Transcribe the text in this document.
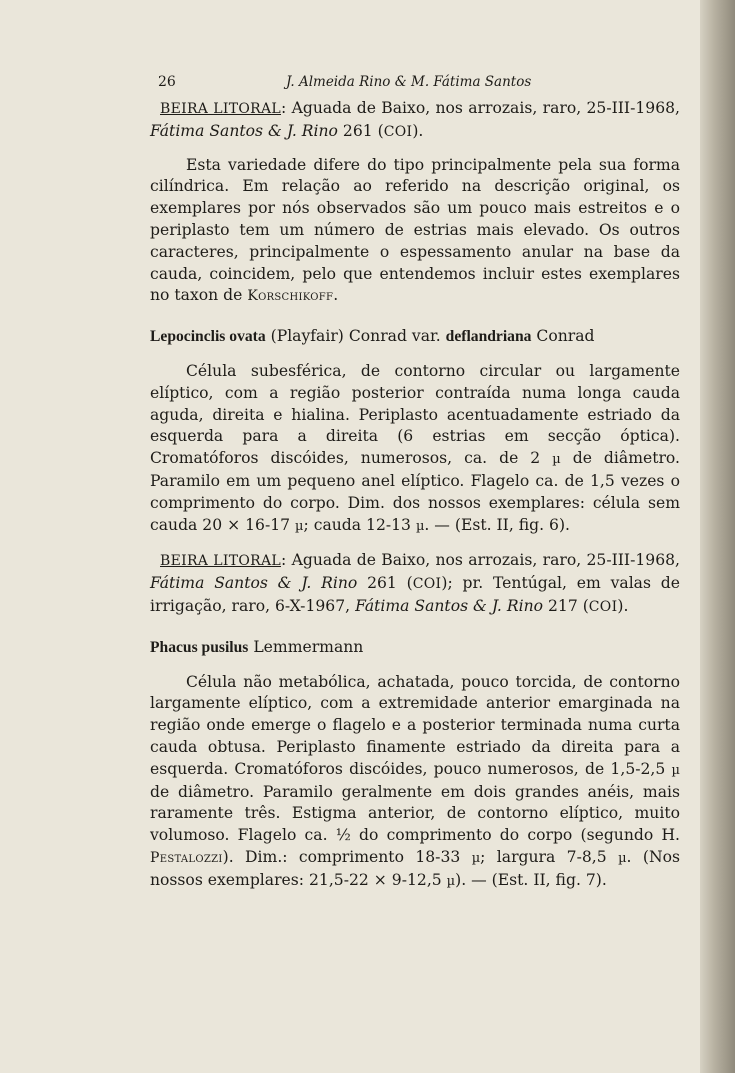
26	J. Almeida Rino & M. Fátima Santos

BEIRA LITORAL: Aguada de Baixo, nos arrozais, raro, 25-III-1968, Fátima Santos & J. Rino 261 (COI).

Esta variedade difere do tipo principalmente pela sua forma cilíndrica. Em relação ao referido na descrição original, os exemplares por nós observados são um pouco mais estreitos e o periplasto tem um número de estrias mais elevado. Os outros caracteres, principalmente o espessamento anular na base da cauda, coincidem, pelo que entendemos incluir estes exemplares no taxon de Korschikoff.

Lepocinclis ovata (Playfair) Conrad var. deflandriana Conrad

Célula subesférica, de contorno circular ou largamente elíptico, com a região posterior contraída numa longa cauda aguda, direita e hialina. Periplasto acentuadamente estriado da esquerda para a direita (6 estrias em secção óptica). Cromatóforos discóides, numerosos, ca. de 2 µ de diâmetro. Paramilo em um pequeno anel elíptico. Flagelo ca. de 1,5 vezes o comprimento do corpo. Dim. dos nossos exemplares: célula sem cauda 20 × 16-17 µ; cauda 12-13 µ. — (Est. II, fig. 6).

BEIRA LITORAL: Aguada de Baixo, nos arrozais, raro, 25-III-1968, Fátima Santos & J. Rino 261 (COI); pr. Tentúgal, em valas de irrigação, raro, 6-X-1967, Fátima Santos & J. Rino 217 (COI).

Phacus pusilus Lemmermann

Célula não metabólica, achatada, pouco torcida, de contorno largamente elíptico, com a extremidade anterior emarginada na região onde emerge o flagelo e a posterior terminada numa curta cauda obtusa. Periplasto finamente estriado da direita para a esquerda. Cromatóforos discóides, pouco numerosos, de 1,5-2,5 µ de diâmetro. Paramilo geralmente em dois grandes anéis, mais raramente três. Estigma anterior, de contorno elíptico, muito volumoso. Flagelo ca. ½ do comprimento do corpo (segundo H. Pestalozzi). Dim.: comprimento 18-33 µ; largura 7-8,5 µ. (Nos nossos exemplares: 21,5-22 × 9-12,5 µ). — (Est. II, fig. 7).
